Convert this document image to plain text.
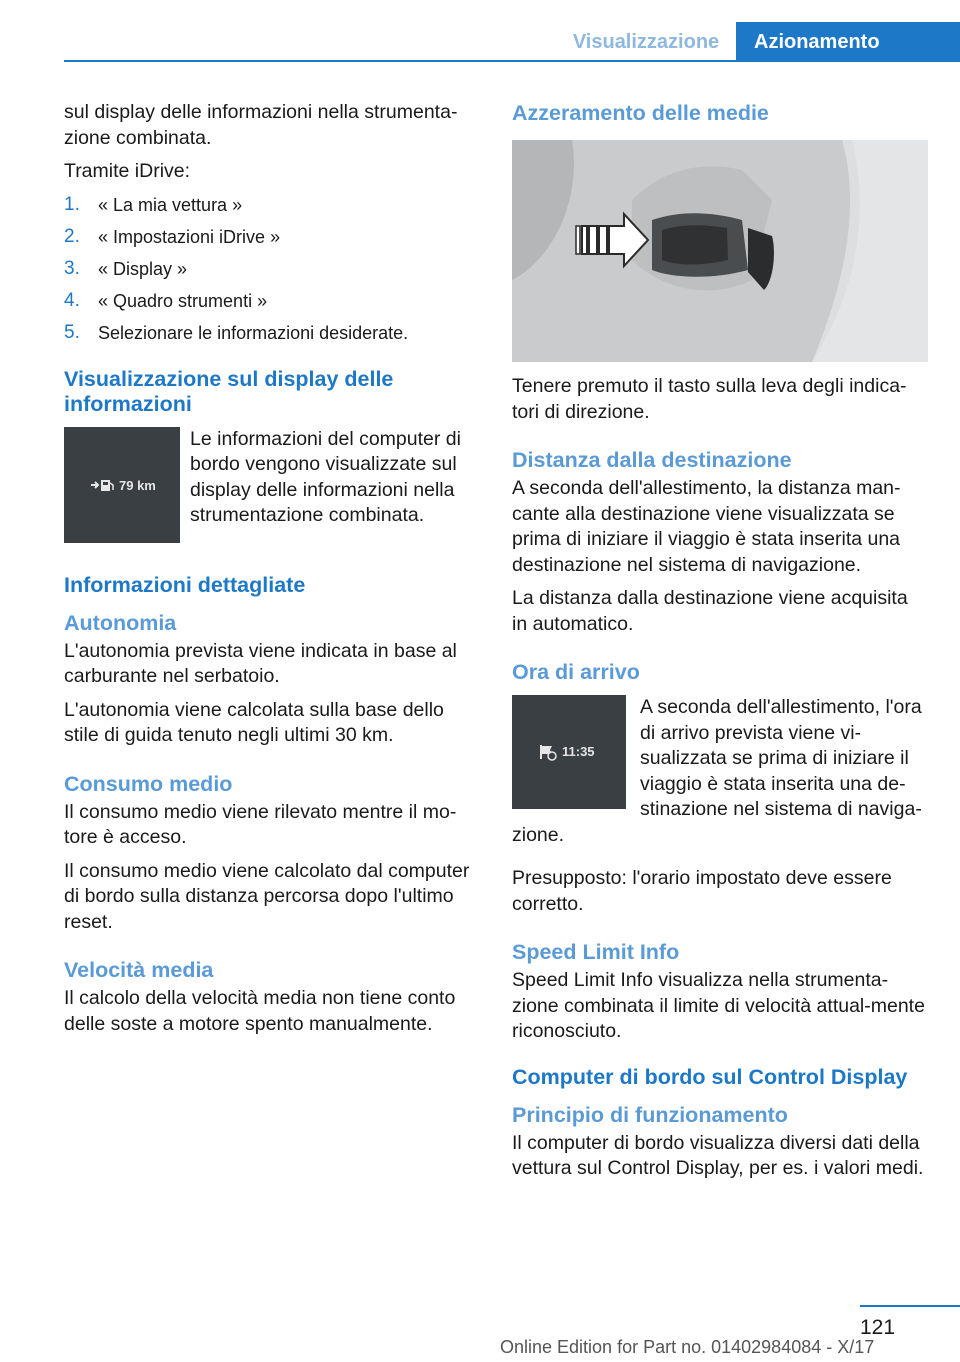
Visualizzazione	Azionamento

sul display delle informazioni nella strumenta-zione combinata.

Tramite iDrive:

1. « La mia vettura »
2. « Impostazioni iDrive »
3. « Display »
4. « Quadro strumenti »
5. Selezionare le informazioni desiderate.
Visualizzazione sul display delle informazioni
79 km

Le informazioni del computer di bordo vengono visualizzate sul display delle informazioni nella strumentazione combinata.

Informazioni dettagliate
Autonomia

L'autonomia prevista viene indicata in base al carburante nel serbatoio.

L'autonomia viene calcolata sulla base dello stile di guida tenuto negli ultimi 30 km.

Consumo medio

Il consumo medio viene rilevato mentre il mo-tore è acceso.

Il consumo medio viene calcolato dal computer di bordo sulla distanza percorsa dopo l'ultimo reset.

Velocità media

Il calcolo della velocità media non tiene conto delle soste a motore spento manualmente.

Azzeramento delle medie

Tenere premuto il tasto sulla leva degli indica-tori di direzione.

Distanza dalla destinazione

A seconda dell'allestimento, la distanza man-cante alla destinazione viene visualizzata se prima di iniziare il viaggio è stata inserita una destinazione nel sistema di navigazione.

La distanza dalla destinazione viene acquisita in automatico.

Ora di arrivo
11:35

A seconda dell'allestimento, l'ora di arrivo prevista viene vi-sualizzata se prima di iniziare il viaggio è stata inserita una de-stinazione nel sistema di naviga-zione.

Presupposto: l'orario impostato deve essere corretto.

Speed Limit Info

Speed Limit Info visualizza nella strumenta-zione combinata il limite di velocità attual-mente riconosciuto.

Computer di bordo sul Control Display
Principio di funzionamento

Il computer di bordo visualizza diversi dati della vettura sul Control Display, per es. i valori medi.

121
Online Edition for Part no. 01402984084 - X/17
